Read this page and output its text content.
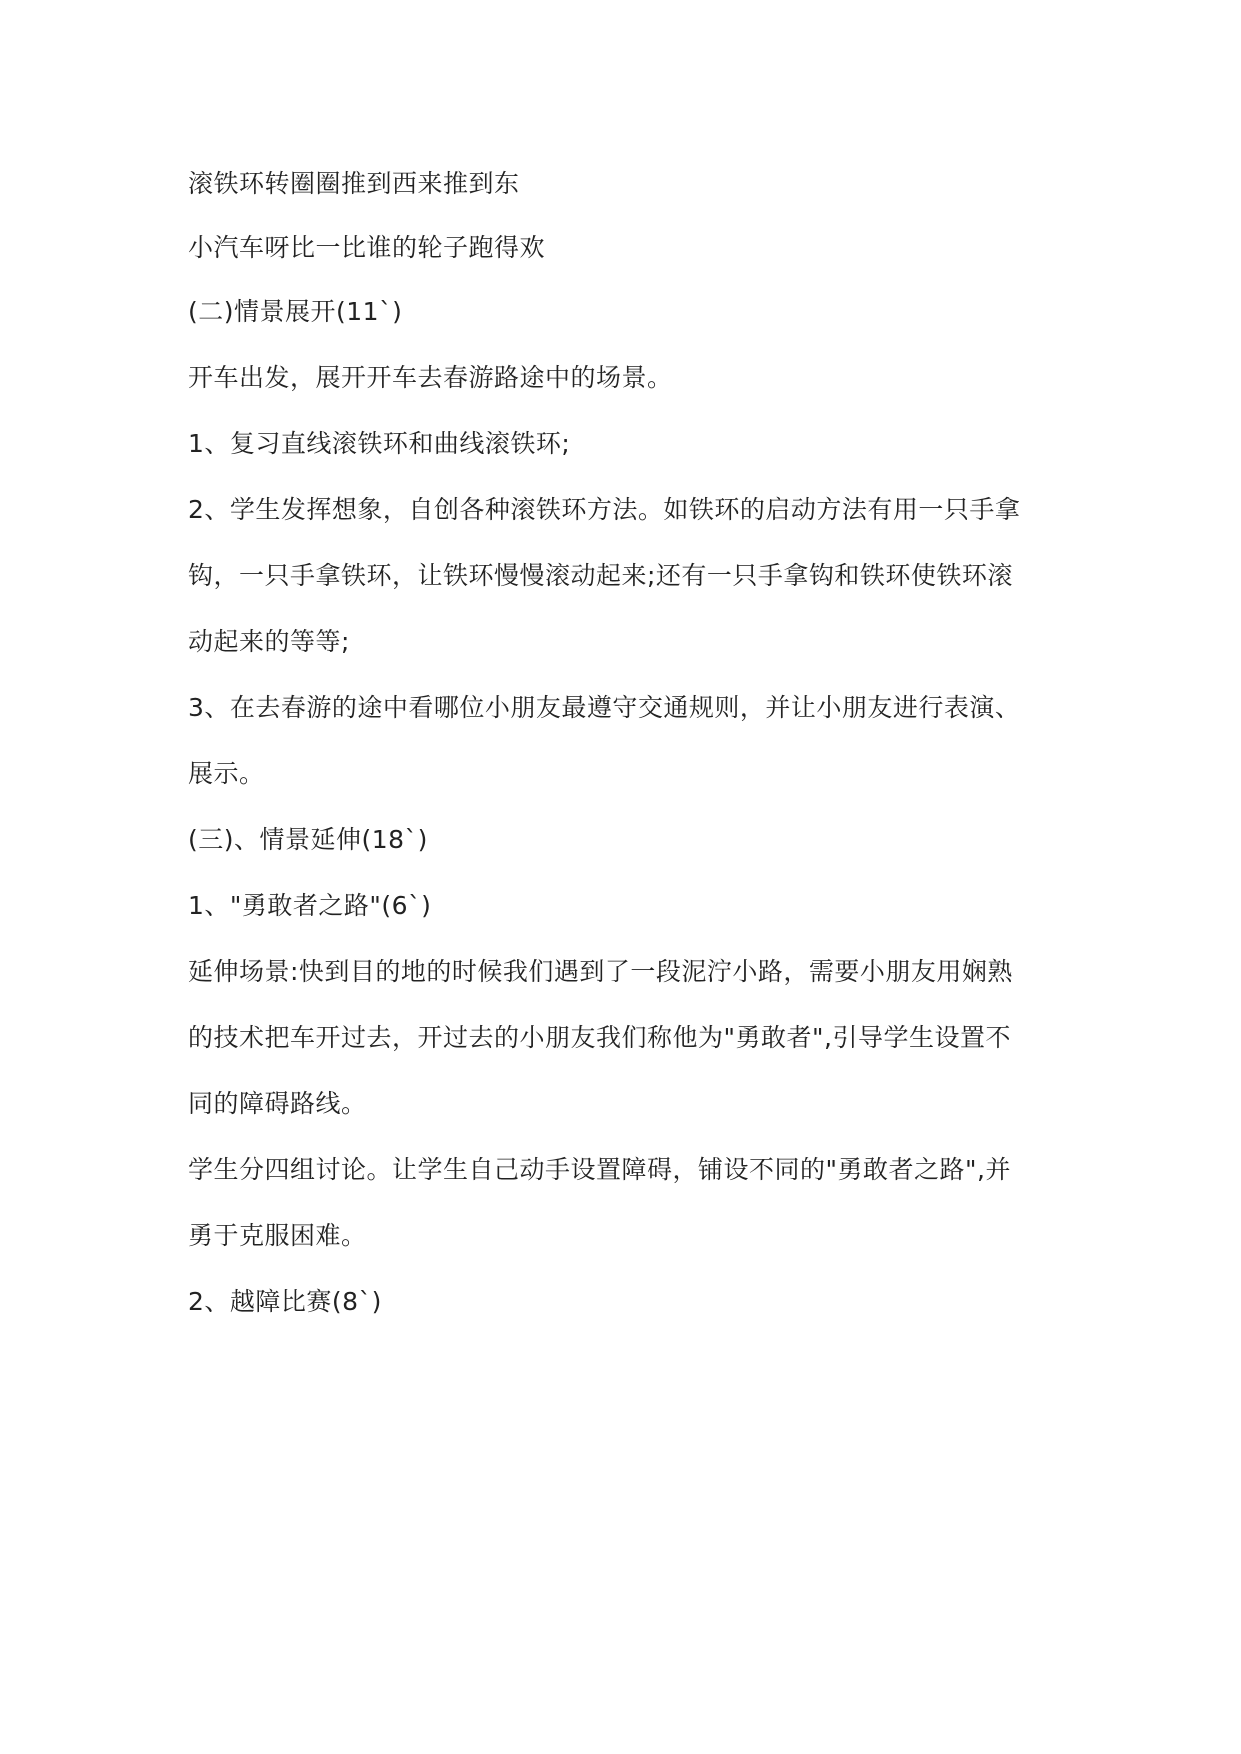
滚铁环转圈圈推到西来推到东
小汽车呀比一比谁的轮子跑得欢
(二)情景展开(11`)
开车出发，展开开车去春游路途中的场景。
1、复习直线滚铁环和曲线滚铁环;
2、学生发挥想象，自创各种滚铁环方法。如铁环的启动方法有用一只手拿
钩，一只手拿铁环，让铁环慢慢滚动起来;还有一只手拿钩和铁环使铁环滚
动起来的等等;
3、在去春游的途中看哪位小朋友最遵守交通规则，并让小朋友进行表演、
展示。
(三)、情景延伸(18`)
1、"勇敢者之路"(6`)
延伸场景:快到目的地的时候我们遇到了一段泥泞小路，需要小朋友用娴熟
的技术把车开过去，开过去的小朋友我们称他为"勇敢者",引导学生设置不
同的障碍路线。
学生分四组讨论。让学生自己动手设置障碍，铺设不同的"勇敢者之路",并
勇于克服困难。
2、越障比赛(8`)
